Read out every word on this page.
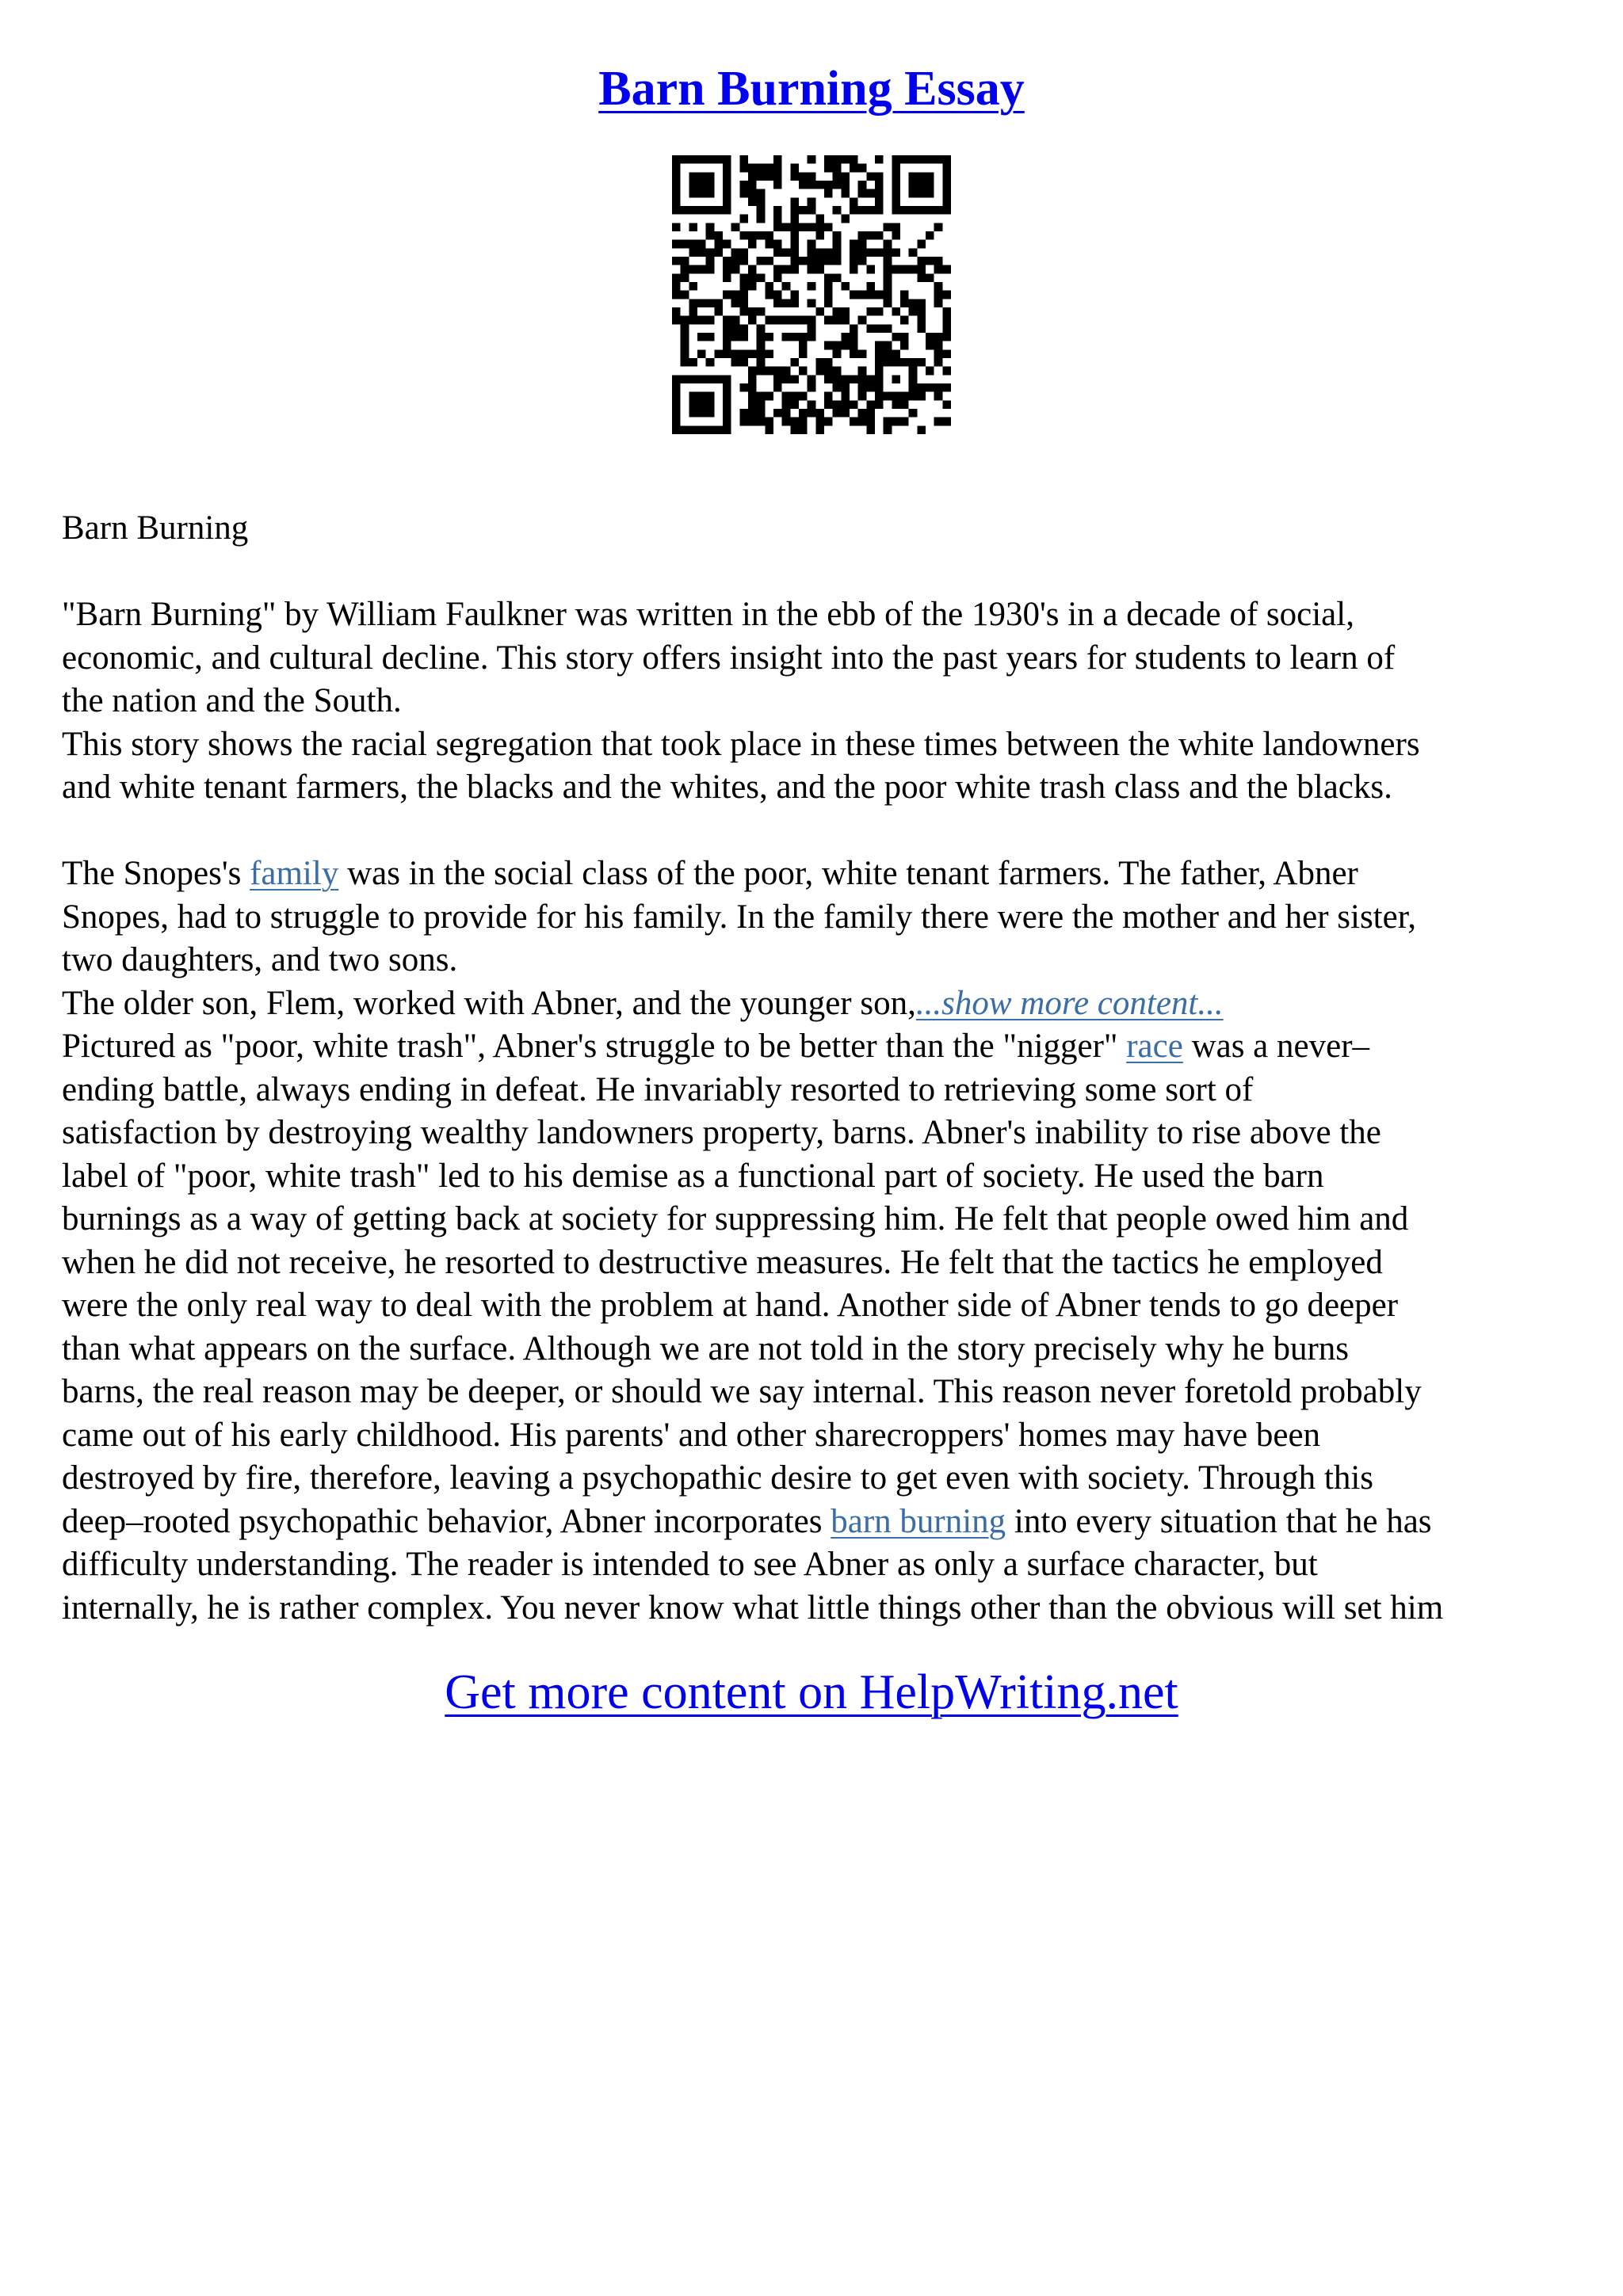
Barn Burning Essay
Barn Burning
"Barn Burning" by William Faulkner was written in the ebb of the 1930's in a decade of social,
economic, and cultural decline. This story offers insight into the past years for students to learn of
the nation and the South.
This story shows the racial segregation that took place in these times between the white landowners
and white tenant farmers, the blacks and the whites, and the poor white trash class and the blacks.
The Snopes's family was in the social class of the poor, white tenant farmers. The father, Abner
Snopes, had to struggle to provide for his family. In the family there were the mother and her sister,
two daughters, and two sons.
The older son, Flem, worked with Abner, and the younger son,...show more content...
Pictured as "poor, white trash", Abner's struggle to be better than the "nigger" race was a never–
ending battle, always ending in defeat. He invariably resorted to retrieving some sort of
satisfaction by destroying wealthy landowners property, barns. Abner's inability to rise above the
label of "poor, white trash" led to his demise as a functional part of society. He used the barn
burnings as a way of getting back at society for suppressing him. He felt that people owed him and
when he did not receive, he resorted to destructive measures. He felt that the tactics he employed
were the only real way to deal with the problem at hand. Another side of Abner tends to go deeper
than what appears on the surface. Although we are not told in the story precisely why he burns
barns, the real reason may be deeper, or should we say internal. This reason never foretold probably
came out of his early childhood. His parents' and other sharecroppers' homes may have been
destroyed by fire, therefore, leaving a psychopathic desire to get even with society. Through this
deep–rooted psychopathic behavior, Abner incorporates barn burning into every situation that he has
difficulty understanding. The reader is intended to see Abner as only a surface character, but
internally, he is rather complex. You never know what little things other than the obvious will set him
Get more content on HelpWriting.net
